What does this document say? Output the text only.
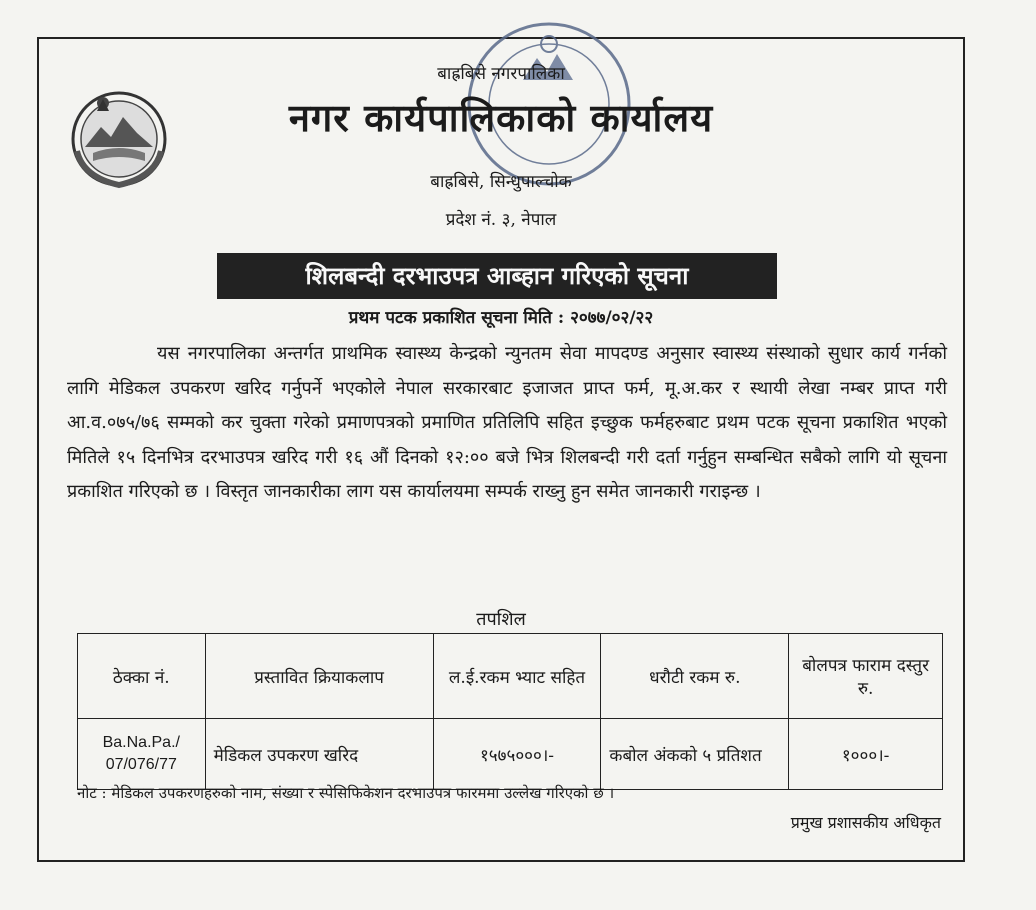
बाह्रबिसे नगरपालिका
नगर कार्यपालिकाको कार्यालय
बाह्रबिसे, सिन्धुपाल्चोक
प्रदेश नं. ३, नेपाल
शिलबन्दी दरभाउपत्र आब्हान गरिएको सूचना
प्रथम पटक प्रकाशित सूचना मिति : २०७७/०२/२२
यस नगरपालिका अन्तर्गत प्राथमिक स्वास्थ्य केन्द्रको न्युनतम सेवा मापदण्ड अनुसार स्वास्थ्य संस्थाको सुधार कार्य गर्नको लागि मेडिकल उपकरण खरिद गर्नुपर्ने भएकोले नेपाल सरकारबाट इजाजत प्राप्त फर्म, मू.अ.कर र स्थायी लेखा नम्बर प्राप्त गरी आ.व.०७५/७६ सम्मको कर चुक्ता गरेको प्रमाणपत्रको प्रमाणित प्रतिलिपि सहित इच्छुक फर्महरुबाट प्रथम पटक सूचना प्रकाशित भएको मितिले १५ दिनभित्र दरभाउपत्र खरिद गरी १६ औं दिनको १२:०० बजे भित्र शिलबन्दी गरी दर्ता गर्नुहुन सम्बन्धित सबैको लागि यो सूचना प्रकाशित गरिएको छ । विस्तृत जानकारीका लाग यस कार्यालयमा सम्पर्क राख्नु हुन समेत जानकारी गराइन्छ ।
तपशिल
ठेक्का नं.	प्रस्तावित क्रियाकलाप	ल.ई.रकम भ्याट सहित	धरौटी रकम रु.	बोलपत्र फाराम दस्तुर रु.
Ba.Na.Pa./ 07/076/77	मेडिकल उपकरण खरिद	१५७५०००।-	कबोल अंकको ५ प्रतिशत	१०००।-
नोट : मेडिकल उपकरणहरुको नाम, संख्या र स्पेसिफिकेशन दरभाउपत्र फारममा उल्लेख गरिएको छ ।
प्रमुख प्रशासकीय अधिकृत
